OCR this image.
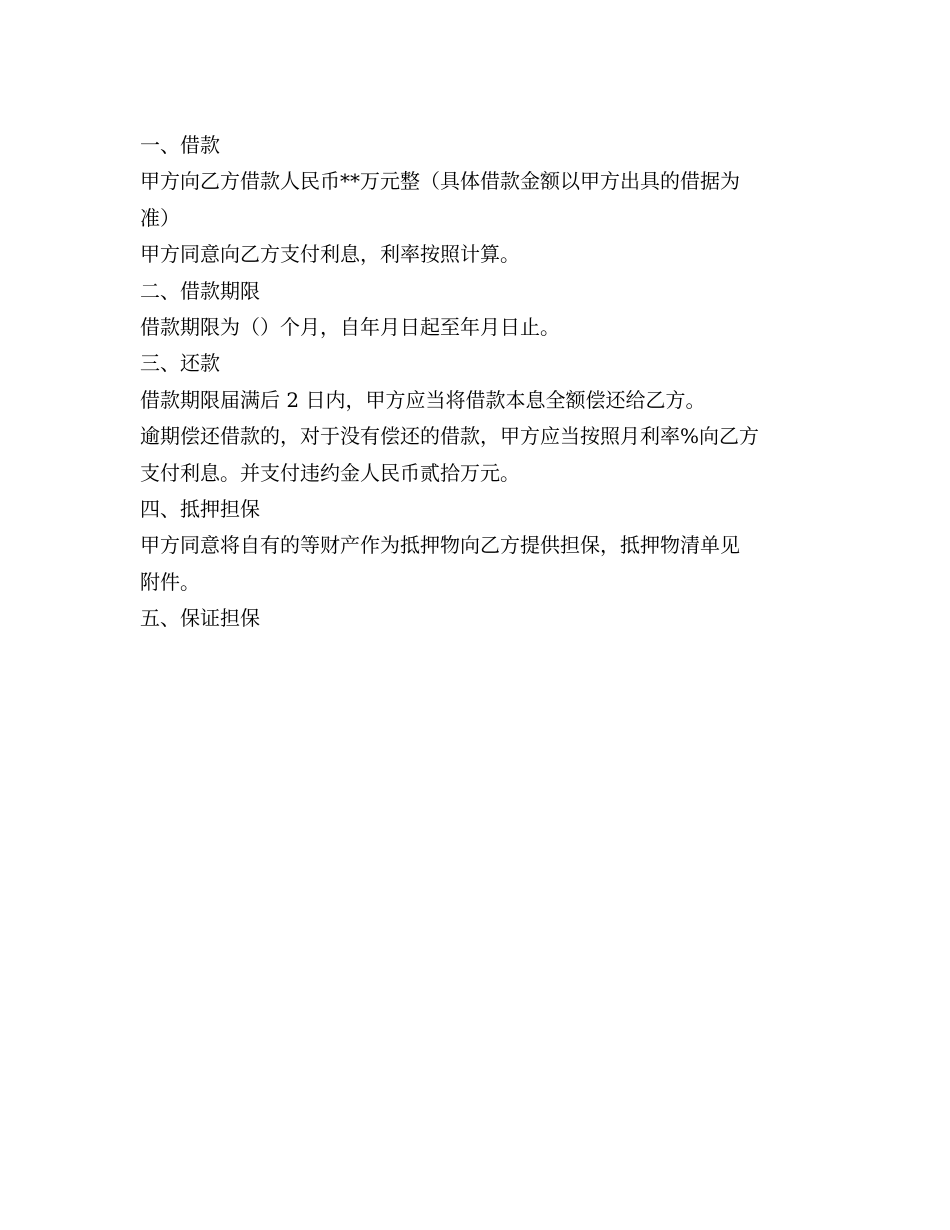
一、借款

甲方向乙方借款人民币**万元整（具体借款金额以甲方出具的借据为

准）

甲方同意向乙方支付利息，利率按照计算。

二、借款期限

借款期限为（）个月，自年月日起至年月日止。

三、还款

借款期限届满后 2 日内，甲方应当将借款本息全额偿还给乙方。

逾期偿还借款的，对于没有偿还的借款，甲方应当按照月利率%向乙方

支付利息。并支付违约金人民币贰拾万元。

四、抵押担保

甲方同意将自有的等财产作为抵押物向乙方提供担保，抵押物清单见

附件。

五、保证担保
